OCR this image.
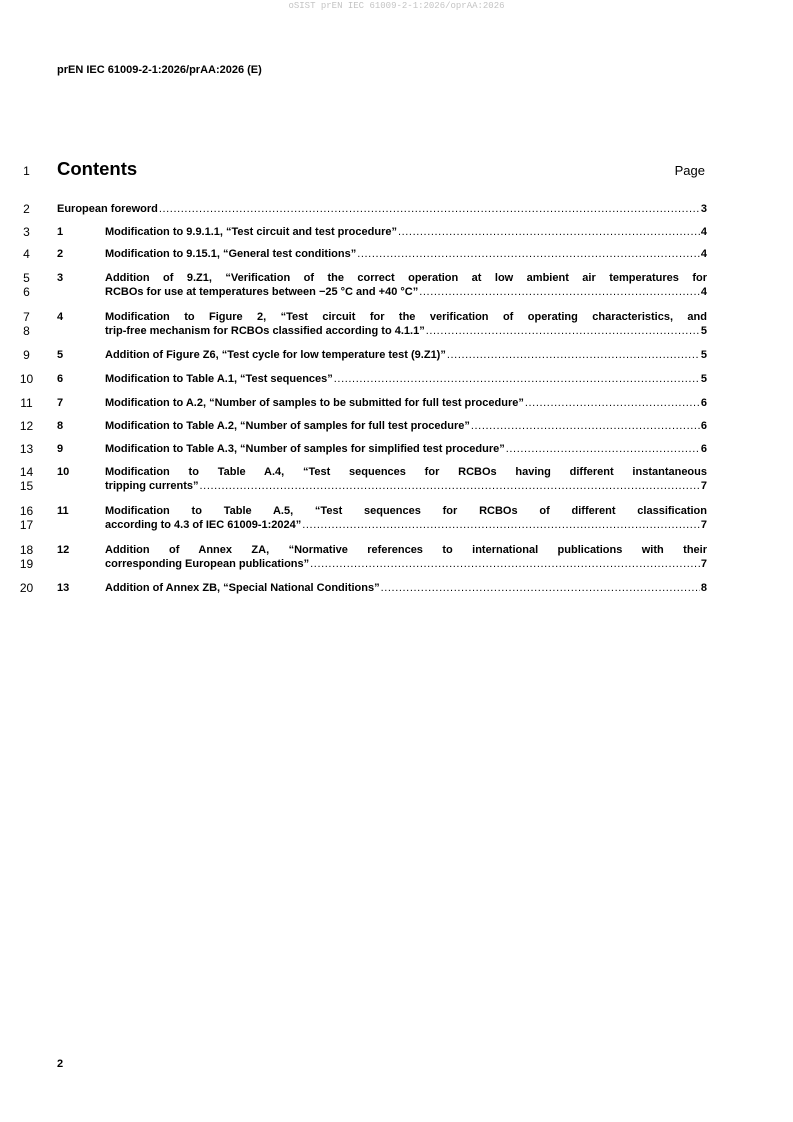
oSIST prEN IEC 61009-2-1:2026/oprAA:2026
prEN IEC 61009-2-1:2026/prAA:2026 (E)
1	Contents	Page
2	European foreword .....	3
3	1	Modification to 9.9.1.1, “Test circuit and test procedure” .....	4
4	2	Modification to 9.15.1, “General test conditions” .....	4
5
6
3	Addition of 9.Z1, “Verification of the correct operation at low ambient air temperatures for
RCBOs for use at temperatures between −25 °C and +40 °C” .....	4
7
8
4	Modification to Figure 2, “Test circuit for the verification of operating characteristics, and
trip-free mechanism for RCBOs classified according to 4.1.1” .....	5
9	5	Addition of Figure Z6, “Test cycle for low temperature test (9.Z1)” .....	5
10	6	Modification to Table A.1, “Test sequences” .....	5
11	7	Modification to A.2, “Number of samples to be submitted for full test procedure” .....	6
12	8	Modification to Table A.2, “Number of samples for full test procedure” .....	6
13	9	Modification to Table A.3, “Number of samples for simplified test procedure” .....	6
14
15
10	Modification to Table A.4, “Test sequences for RCBOs having different instantaneous
tripping currents” .....	7
16
17
11	Modification to Table A.5, “Test sequences for RCBOs of different classification
according to 4.3 of IEC 61009-1:2024” .....	7
18
19
12	Addition of Annex ZA, “Normative references to international publications with their
corresponding European publications” .....	7
20	13	Addition of Annex ZB, “Special National Conditions” .....	8
2
